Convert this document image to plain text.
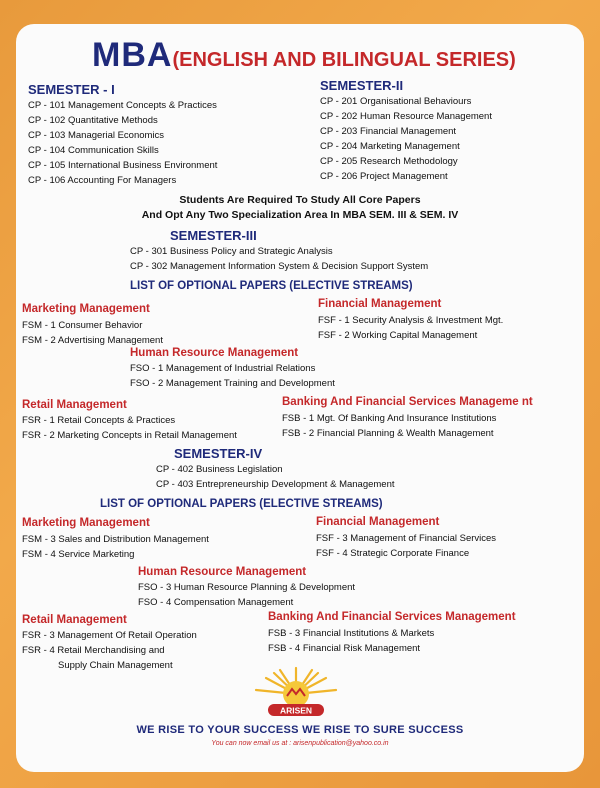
MBA(ENGLISH AND BILINGUAL SERIES)
SEMESTER - I
CP - 101 Management Concepts & Practices
CP - 102 Quantitative Methods
CP - 103 Managerial Economics
CP - 104 Communication Skills
CP - 105 International Business Environment
CP - 106 Accounting For Managers
SEMESTER-II
CP - 201 Organisational Behaviours
CP - 202 Human Resource Management
CP - 203 Financial Management
CP - 204 Marketing Management
CP - 205 Research Methodology
CP - 206 Project Management
Students Are Required To Study All Core Papers
And Opt Any Two Specialization Area In MBA SEM. III & SEM. IV
SEMESTER-III
CP - 301 Business Policy and Strategic Analysis
CP - 302 Management Information System & Decision Support System
LIST OF OPTIONAL PAPERS (ELECTIVE STREAMS)
Marketing Management
FSM - 1 Consumer Behavior
FSM - 2 Advertising Management
Financial Management
FSF - 1 Security Analysis & Investment Mgt.
FSF - 2 Working Capital Management
Human Resource Management
FSO - 1 Management of Industrial Relations
FSO - 2 Management Training and Development
Retail Management
FSR - 1 Retail Concepts & Practices
FSR - 2 Marketing Concepts in Retail Management
Banking And Financial Services Manageme nt
FSB - 1 Mgt. Of Banking And Insurance Institutions
FSB - 2 Financial Planning & Wealth Management
SEMESTER-IV
CP - 402 Business Legislation
CP - 403 Entrepreneurship Development & Management
LIST OF OPTIONAL PAPERS (ELECTIVE STREAMS)
Marketing Management
FSM - 3 Sales and Distribution Management
FSM - 4 Service Marketing
Financial Management
FSF - 3 Management of Financial Services
FSF - 4 Strategic Corporate Finance
Human Resource Management
FSO - 3 Human Resource Planning & Development
FSO - 4 Compensation Management
Retail Management
FSR - 3 Management Of Retail Operation
FSR - 4 Retail Merchandising and
Supply Chain Management
Banking And Financial Services Management
FSB - 3 Financial Institutions & Markets
FSB - 4 Financial Risk Management
ARISEN
WE RISE TO YOUR SUCCESS WE RISE TO SURE SUCCESS
You can now email us at : arisenpublication@yahoo.co.in
